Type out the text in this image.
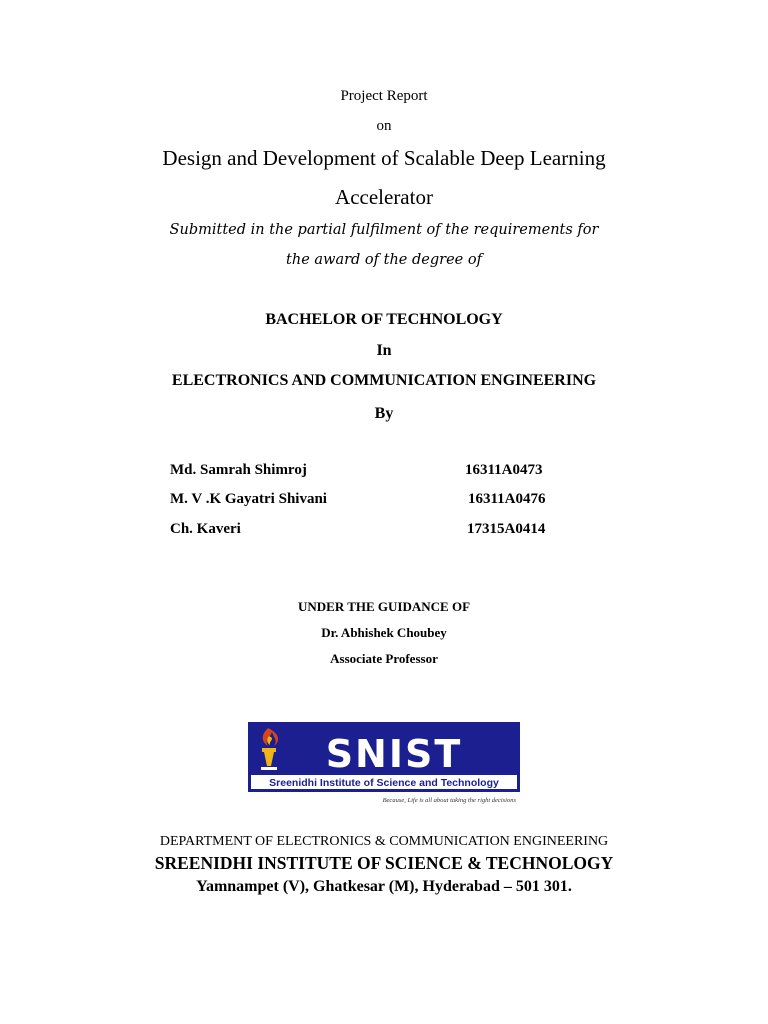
Project Report
on
Design and Development of Scalable Deep Learning
Accelerator
Submitted in the partial fulfilment of the requirements for
the award of the degree of
BACHELOR OF TECHNOLOGY
In
ELECTRONICS AND COMMUNICATION ENGINEERING
By
Md. Samrah Shimroj	16311A0473
M. V .K Gayatri Shivani	16311A0476
Ch. Kaveri	17315A0414
UNDER THE GUIDANCE OF
Dr. Abhishek Choubey
Associate Professor
SNIST
Sreenidhi Institute of Science and Technology
Because, Life is all about taking the right decisions
DEPARTMENT OF ELECTRONICS & COMMUNICATION ENGINEERING
SREENIDHI INSTITUTE OF SCIENCE & TECHNOLOGY
Yamnampet (V), Ghatkesar (M), Hyderabad – 501 301.
